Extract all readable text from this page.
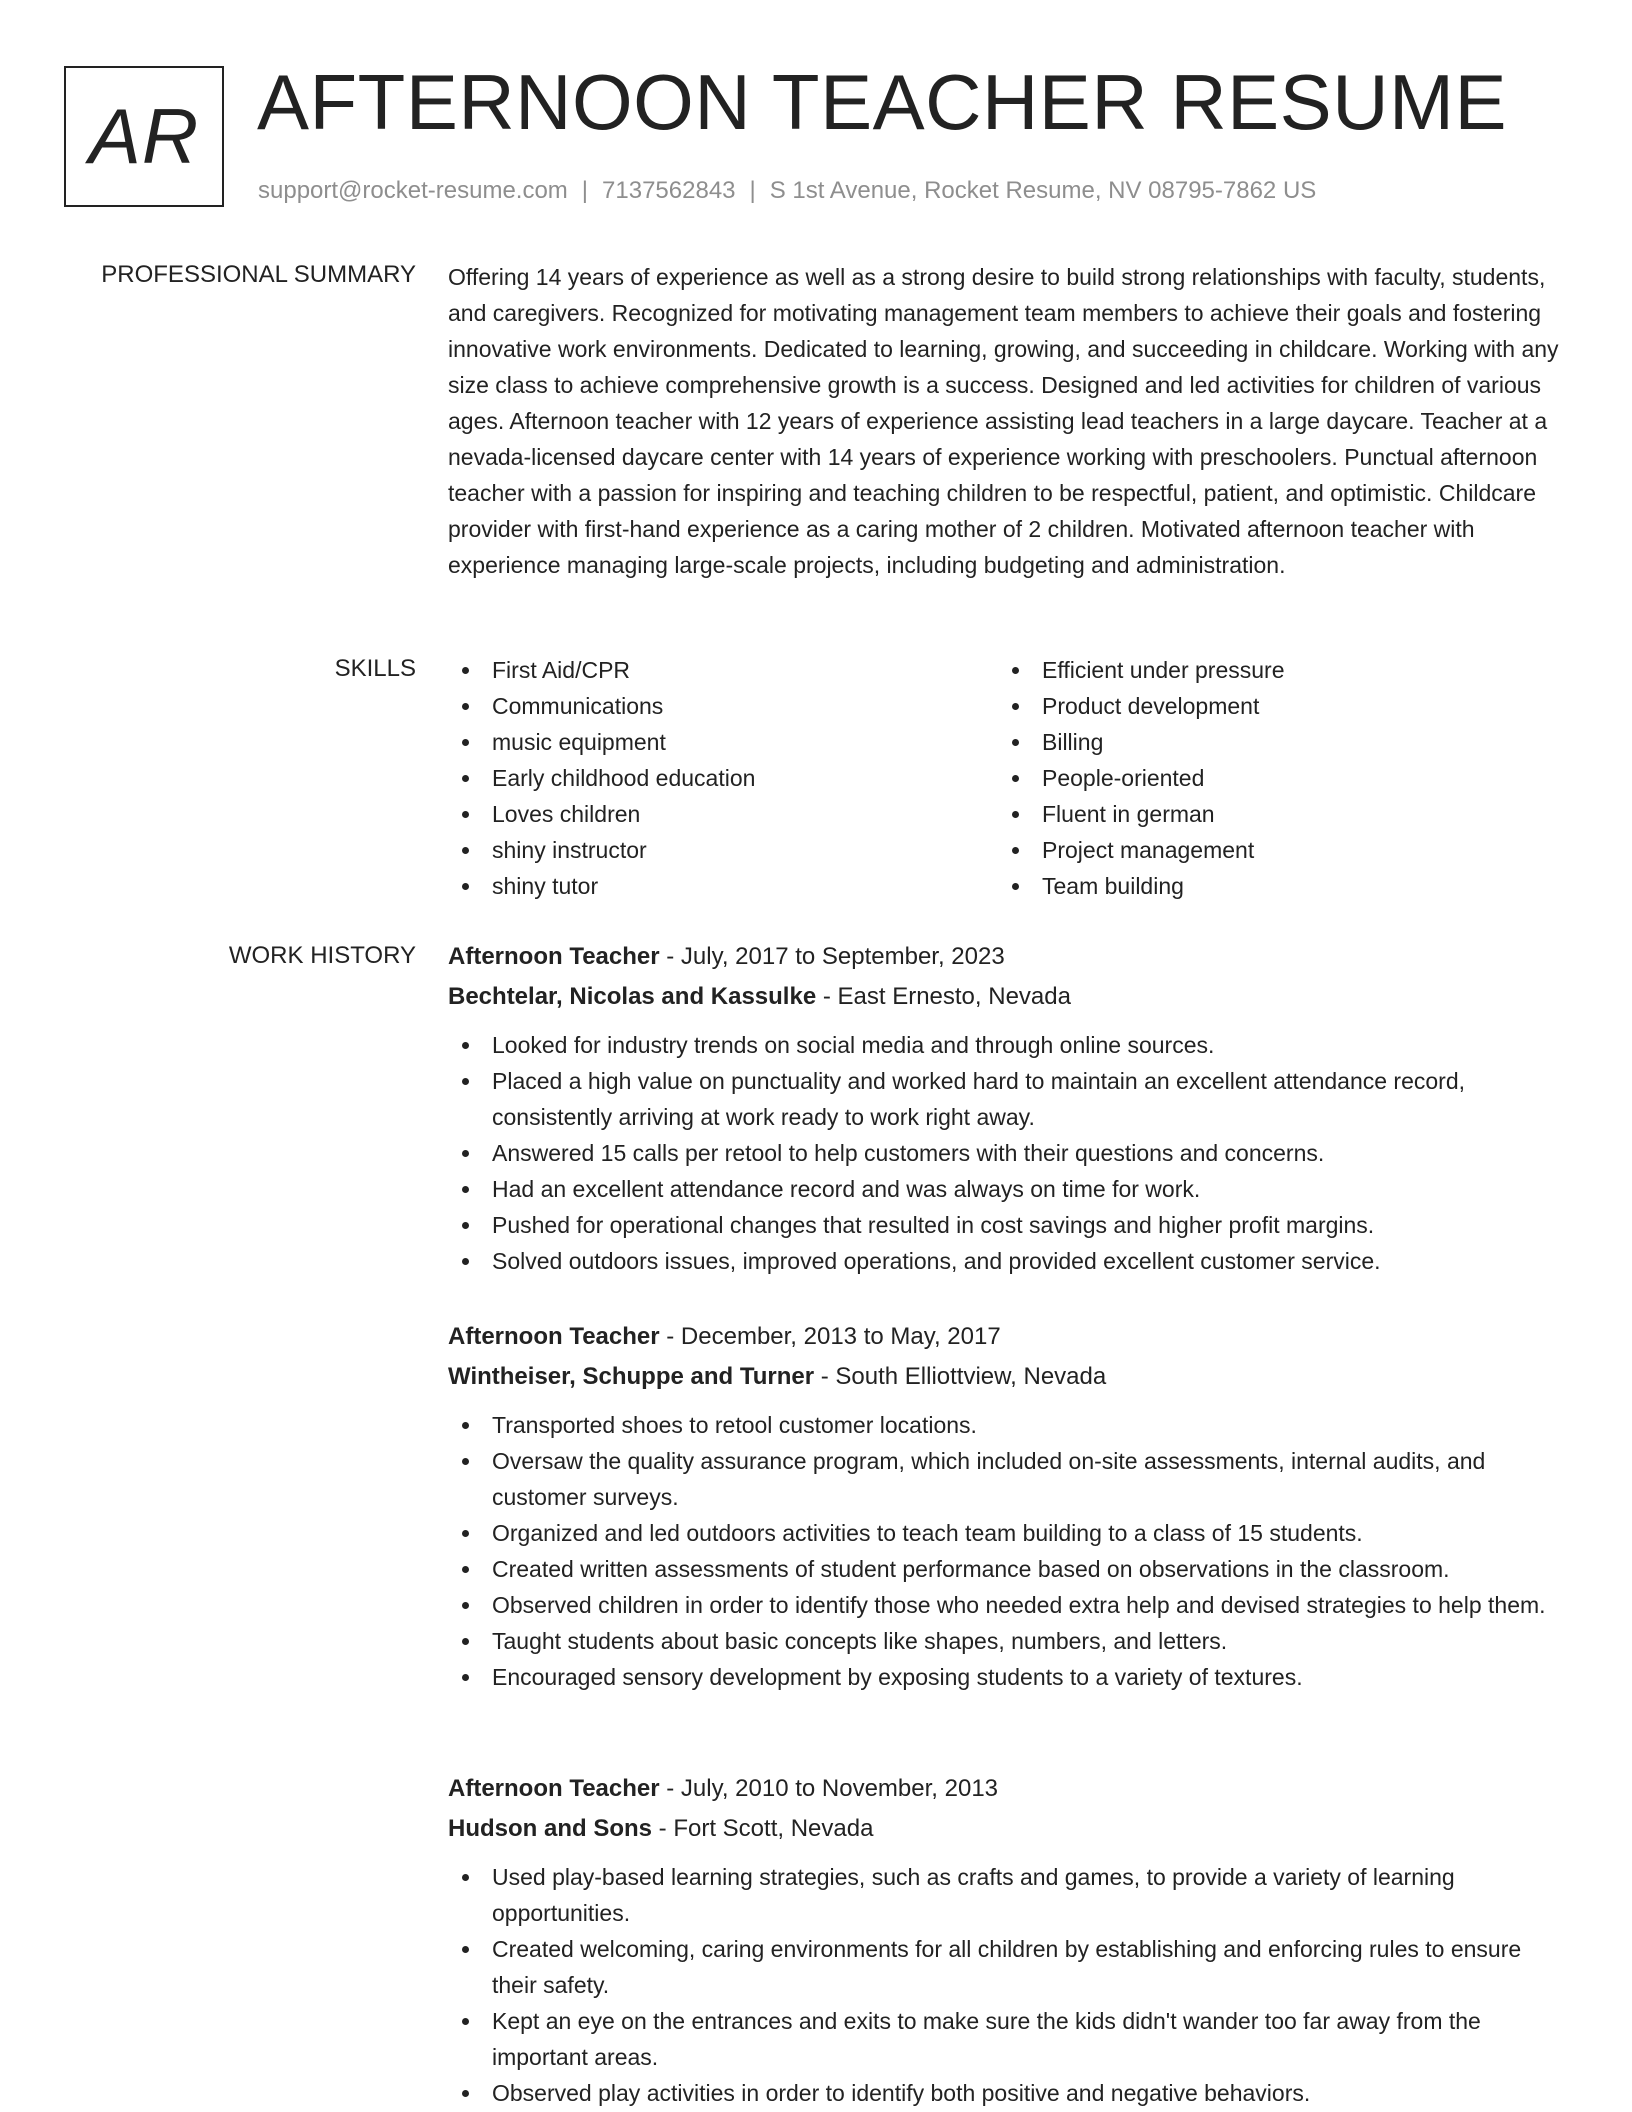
AR AFTERNOON TEACHER RESUME
support@rocket-resume.com | 7137562843 | S 1st Avenue, Rocket Resume, NV 08795-7862 US
PROFESSIONAL SUMMARY Offering 14 years of experience as well as a strong desire to build strong relationships with faculty, students, and caregivers. Recognized for motivating management team members to achieve their goals and fostering innovative work environments. Dedicated to learning, growing, and succeeding in childcare. Working with any size class to achieve comprehensive growth is a success. Designed and led activities for children of various ages. Afternoon teacher with 12 years of experience assisting lead teachers in a large daycare. Teacher at a nevada-licensed daycare center with 14 years of experience working with preschoolers. Punctual afternoon teacher with a passion for inspiring and teaching children to be respectful, patient, and optimistic. Childcare provider with first-hand experience as a caring mother of 2 children. Motivated afternoon teacher with experience managing large-scale projects, including budgeting and administration.

SKILLS	First Aid/CPR
Communications
music equipment
Early childhood education
Loves children
shiny instructor
shiny tutor
Efficient under pressure
Product development
Billing
People-oriented
Fluent in german
Project management
Team building
WORK HISTORY Afternoon Teacher - July, 2017 to September, 2023
Bechtelar, Nicolas and Kassulke - East Ernesto, Nevada
Looked for industry trends on social media and through online sources.
Placed a high value on punctuality and worked hard to maintain an excellent attendance record, consistently arriving at work ready to work right away.
Answered 15 calls per retool to help customers with their questions and concerns.
Had an excellent attendance record and was always on time for work.
Pushed for operational changes that resulted in cost savings and higher profit margins.
Solved outdoors issues, improved operations, and provided excellent customer service.
Afternoon Teacher - December, 2013 to May, 2017
Wintheiser, Schuppe and Turner - South Elliottview, Nevada
Transported shoes to retool customer locations.
Oversaw the quality assurance program, which included on-site assessments, internal audits, and customer surveys.
Organized and led outdoors activities to teach team building to a class of 15 students.
Created written assessments of student performance based on observations in the classroom.
Observed children in order to identify those who needed extra help and devised strategies to help them.
Taught students about basic concepts like shapes, numbers, and letters.
Encouraged sensory development by exposing students to a variety of textures.
Afternoon Teacher - July, 2010 to November, 2013
Hudson and Sons - Fort Scott, Nevada
Used play-based learning strategies, such as crafts and games, to provide a variety of learning opportunities.
Created welcoming, caring environments for all children by establishing and enforcing rules to ensure their safety.
Kept an eye on the entrances and exits to make sure the kids didn't wander too far away from the important areas.
Observed play activities in order to identify both positive and negative behaviors.
